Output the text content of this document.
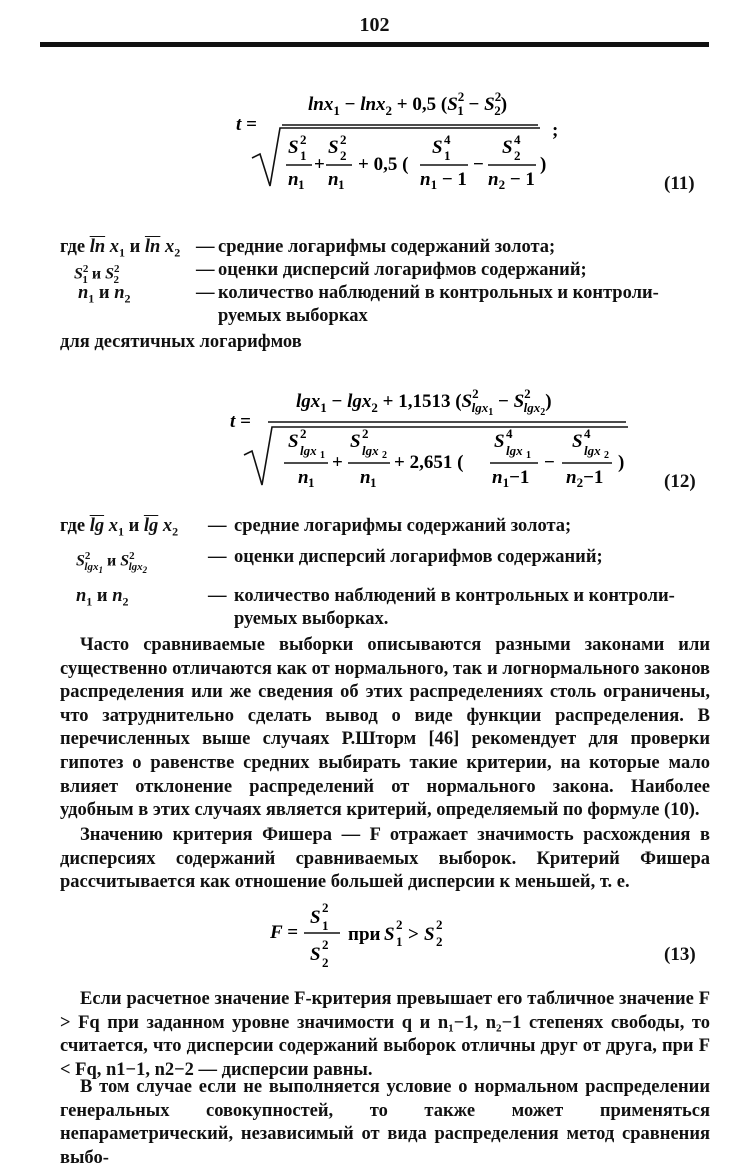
102
t =
lnx$_1$ − lnx$_2$ + 0,5 ($S^2$ $1 - S^2$ 2)
;
S 2
1
n 1
+
S 2
2
n 1
+ 0,5 (
S 4
1
$n_1 - 1$
−
S 4
2
$n_2 - 1$
)
(11)
где $\overline{ln}$ $x_1$ и $\overline{ln}$ $x_2$ — средние логарифмы содержаний золота;
$S^2_1$ и $S^2_2$	— оценки дисперсий логарифмов содержаний;
$n_1$ и $n_2$	— количество наблюдений в контрольных и контроли-
руемых выборках
для десятичных логарифмов
t =
lgx$_1$ − lgx$_2$ + 1,1513 ($S^2$ $\lg x1 - S^2$ lgx2)
S 2
lgx 1
n 1
+
S 2
lgx 2
n 1
+ 2,651 (
S 4
lgx 1
$n_1-1$
−
S 4
lgx 2
$n_2-1$
)
(12)
где $\overline{lg}$ $x_1$ и $\overline{lg}$ $x_2$ — средние логарифмы содержаний золота;
$S^2_{lgx_1}$ и $S^2_{lgx_2}$
— оценки дисперсий логарифмов содержаний;
$n_1$ и $n_2$	— количество наблюдений в контрольных и контроли-
руемых выборках.
Часто сравниваемые выборки описываются разными законами или существенно отличаются как от нормального, так и логнормального законов распределения или же сведения об этих распределениях столь ограничены, что затруднительно сделать вывод о виде функции распределения. В перечисленных выше случаях Р.Шторм [46] рекомендует для проверки гипотез о равенстве средних выбирать такие критерии, на которые мало влияет отклонение распределений от нормального закона. Наиболее удобным в этих случаях является критерий, определяемый по формуле (10).
Значению критерия Фишера — F отражает значимость расхождения в дисперсиях содержаний сравниваемых выборок. Критерий Фишера рассчитывается как отношение большей дисперсии к меньшей, т. е.
F =
S 2
1
S 2
2
при S 2
1 > S 2
2
(13)
Если расчетное значение F-критерия превышает его табличное значение F > Fq при заданном уровне значимости q и n₁−1, n₂−1 степенях свободы, то считается, что дисперсии содержаний выборок отличны друг от друга, при F < Fq, n1−1, n2−2 — дисперсии равны.
В том случае если не выполняется условие о нормальном распределении генеральных совокупностей, то также может применяться непараметрический, независимый от вида распределения метод сравнения выбо-
